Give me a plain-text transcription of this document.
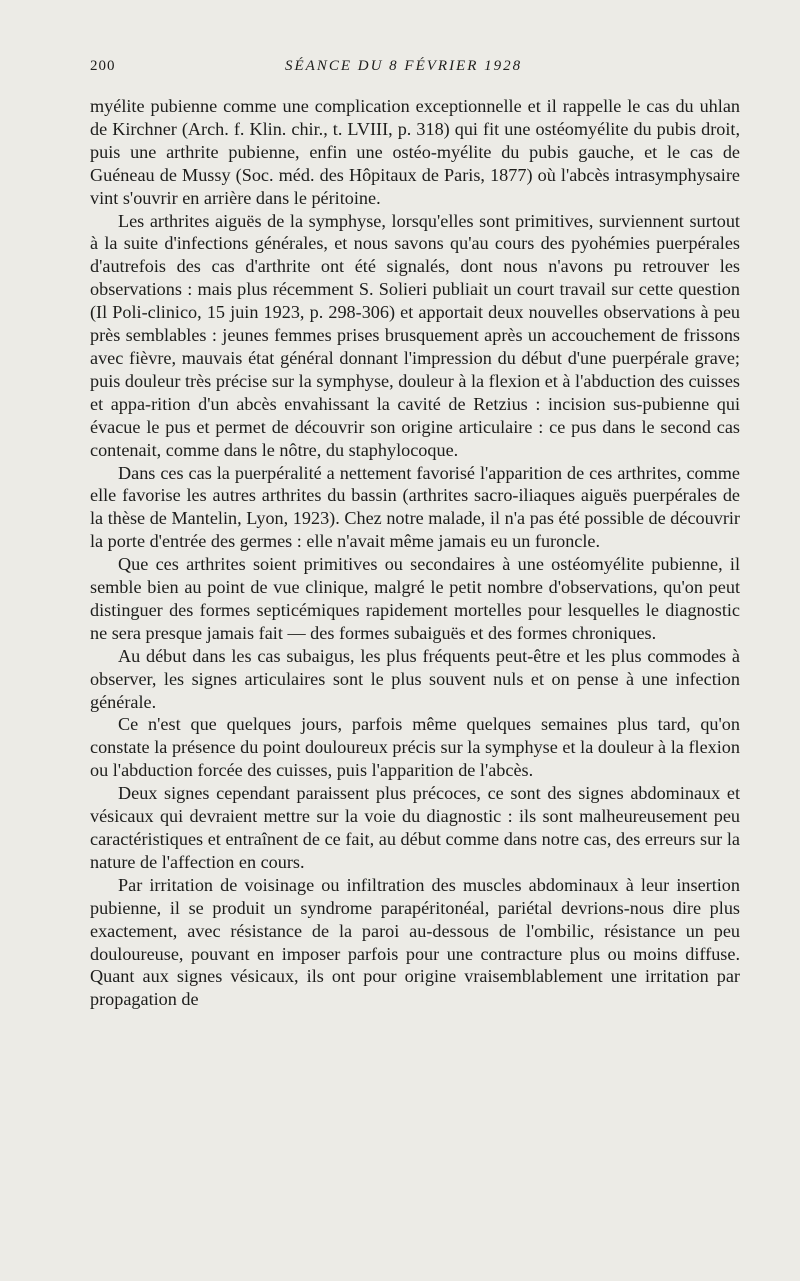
200	SÉANCE DU 8 FÉVRIER 1928

myélite pubienne comme une complication exceptionnelle et il rappelle le cas du uhlan de Kirchner (Arch. f. Klin. chir., t. LVIII, p. 318) qui fit une ostéomyélite du pubis droit, puis une arthrite pubienne, enfin une ostéo-myélite du pubis gauche, et le cas de Guéneau de Mussy (Soc. méd. des Hôpitaux de Paris, 1877) où l'abcès intrasymphysaire vint s'ouvrir en arrière dans le péritoine.

Les arthrites aiguës de la symphyse, lorsqu'elles sont primitives, surviennent surtout à la suite d'infections générales, et nous savons qu'au cours des pyohémies puerpérales d'autrefois des cas d'arthrite ont été signalés, dont nous n'avons pu retrouver les observations : mais plus récemment S. Solieri publiait un court travail sur cette question (Il Poli-clinico, 15 juin 1923, p. 298-306) et apportait deux nouvelles observations à peu près semblables : jeunes femmes prises brusquement après un accouchement de frissons avec fièvre, mauvais état général donnant l'impression du début d'une puerpérale grave; puis douleur très précise sur la symphyse, douleur à la flexion et à l'abduction des cuisses et appa-rition d'un abcès envahissant la cavité de Retzius : incision sus-pubienne qui évacue le pus et permet de découvrir son origine articulaire : ce pus dans le second cas contenait, comme dans le nôtre, du staphylocoque.

Dans ces cas la puerpéralité a nettement favorisé l'apparition de ces arthrites, comme elle favorise les autres arthrites du bassin (arthrites sacro-iliaques aiguës puerpérales de la thèse de Mantelin, Lyon, 1923). Chez notre malade, il n'a pas été possible de découvrir la porte d'entrée des germes : elle n'avait même jamais eu un furoncle.

Que ces arthrites soient primitives ou secondaires à une ostéomyélite pubienne, il semble bien au point de vue clinique, malgré le petit nombre d'observations, qu'on peut distinguer des formes septicémiques rapidement mortelles pour lesquelles le diagnostic ne sera presque jamais fait — des formes subaiguës et des formes chroniques.

Au début dans les cas subaigus, les plus fréquents peut-être et les plus commodes à observer, les signes articulaires sont le plus souvent nuls et on pense à une infection générale.

Ce n'est que quelques jours, parfois même quelques semaines plus tard, qu'on constate la présence du point douloureux précis sur la symphyse et la douleur à la flexion ou l'abduction forcée des cuisses, puis l'apparition de l'abcès.

Deux signes cependant paraissent plus précoces, ce sont des signes abdominaux et vésicaux qui devraient mettre sur la voie du diagnostic : ils sont malheureusement peu caractéristiques et entraînent de ce fait, au début comme dans notre cas, des erreurs sur la nature de l'affection en cours.

Par irritation de voisinage ou infiltration des muscles abdominaux à leur insertion pubienne, il se produit un syndrome parapéritonéal, pariétal devrions-nous dire plus exactement, avec résistance de la paroi au-dessous de l'ombilic, résistance un peu douloureuse, pouvant en imposer parfois pour une contracture plus ou moins diffuse. Quant aux signes vésicaux, ils ont pour origine vraisemblablement une irritation par propagation de
